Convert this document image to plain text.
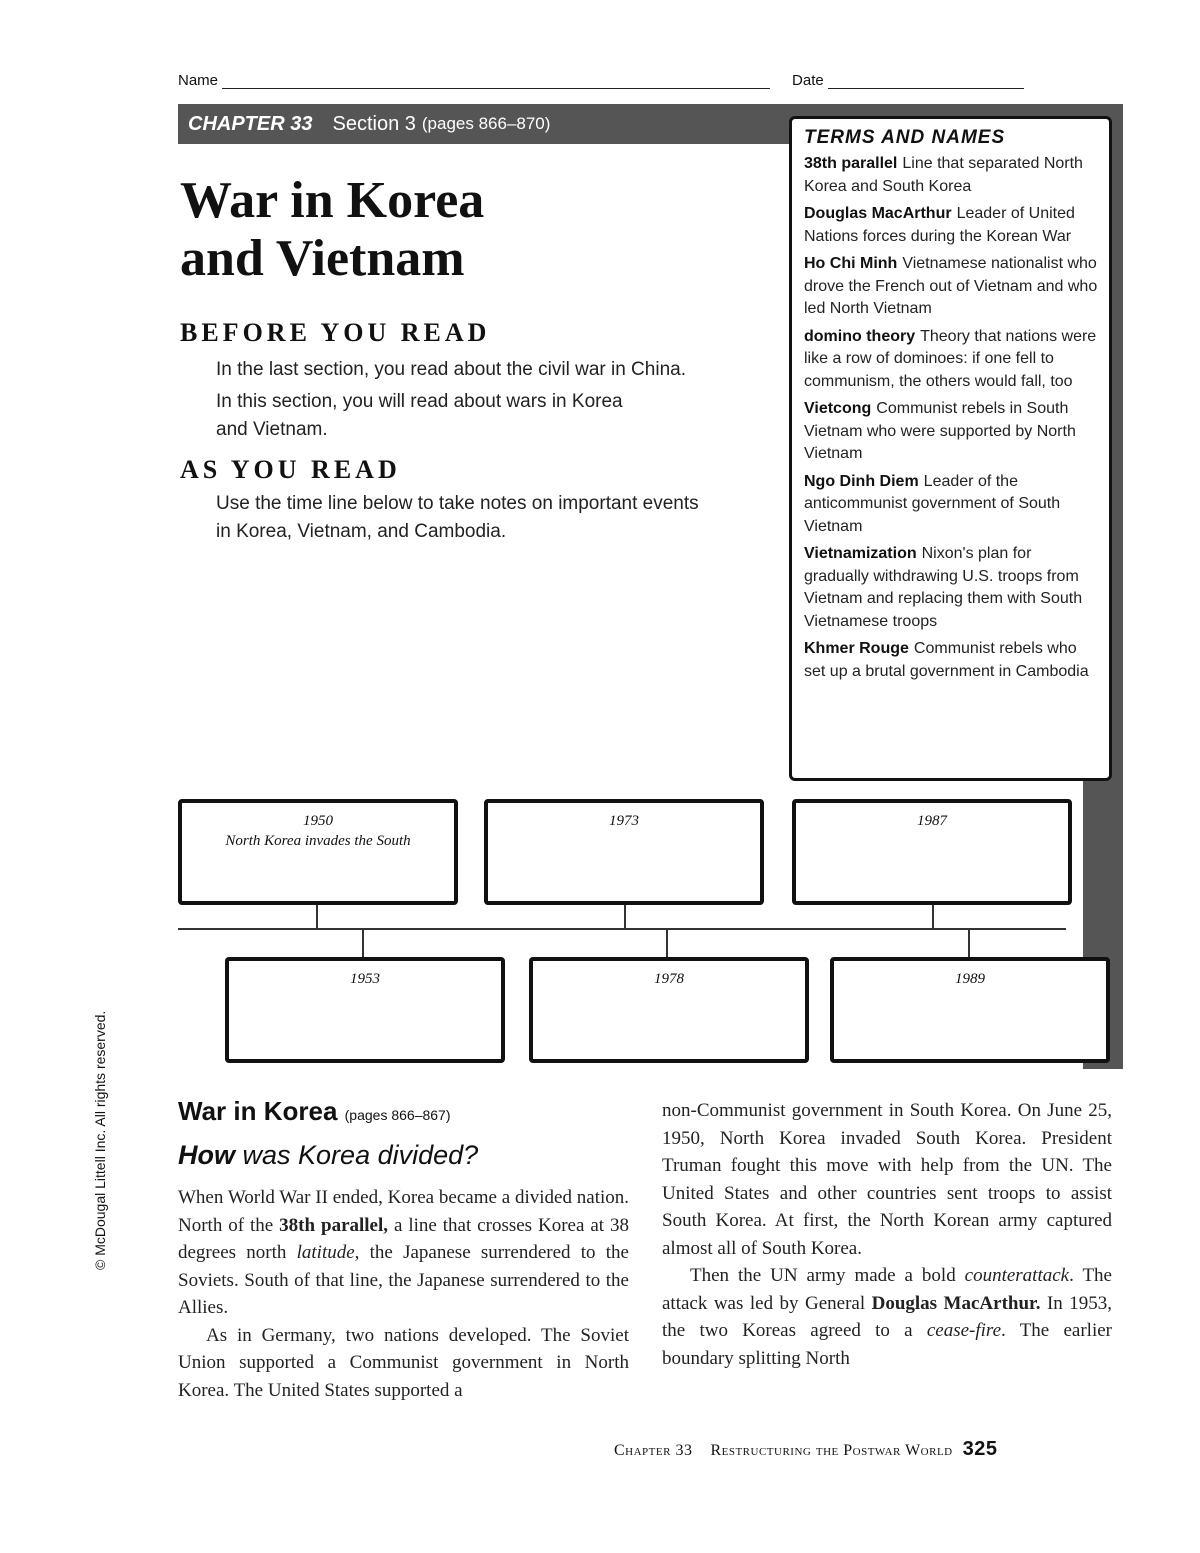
Name	Date
CHAPTER 33 Section 3 (pages 866–870)
War in Korea
and Vietnam
BEFORE YOU READ
In the last section, you read about the civil war in China.
In this section, you will read about wars in Korea
and Vietnam.
AS YOU READ
Use the time line below to take notes on important events
in Korea, Vietnam, and Cambodia.
TERMS AND NAMES
38th parallel Line that separated North Korea and South Korea
Douglas MacArthur Leader of United Nations forces during the Korean War
Ho Chi Minh Vietnamese nationalist who drove the French out of Vietnam and who led North Vietnam
domino theory Theory that nations were like a row of dominoes: if one fell to communism, the others would fall, too
Vietcong Communist rebels in South Vietnam who were supported by North Vietnam
Ngo Dinh Diem Leader of the anticommunist government of South Vietnam
Vietnamization Nixon's plan for gradually withdrawing U.S. troops from Vietnam and replacing them with South Vietnamese troops
Khmer Rouge Communist rebels who set up a brutal government in Cambodia
1950
North Korea invades the South
1973	1987
1953	1978	1989
War in Korea (pages 866–867)
How was Korea divided?

When World War II ended, Korea became a divided nation. North of the 38th parallel, a line that crosses Korea at 38 degrees north latitude, the Japanese surrendered to the Soviets. South of that line, the Japanese surrendered to the Allies.

As in Germany, two nations developed. The Soviet Union supported a Communist government in North Korea. The United States supported a

non-Communist government in South Korea. On June 25, 1950, North Korea invaded South Korea. President Truman fought this move with help from the UN. The United States and other countries sent troops to assist South Korea. At first, the North Korean army captured almost all of South Korea.

Then the UN army made a bold counterattack. The attack was led by General Douglas MacArthur. In 1953, the two Koreas agreed to a cease-fire. The earlier boundary splitting North

© McDougal Littell Inc. All rights reserved.
Chapter 33 Restructuring the Postwar World 325
